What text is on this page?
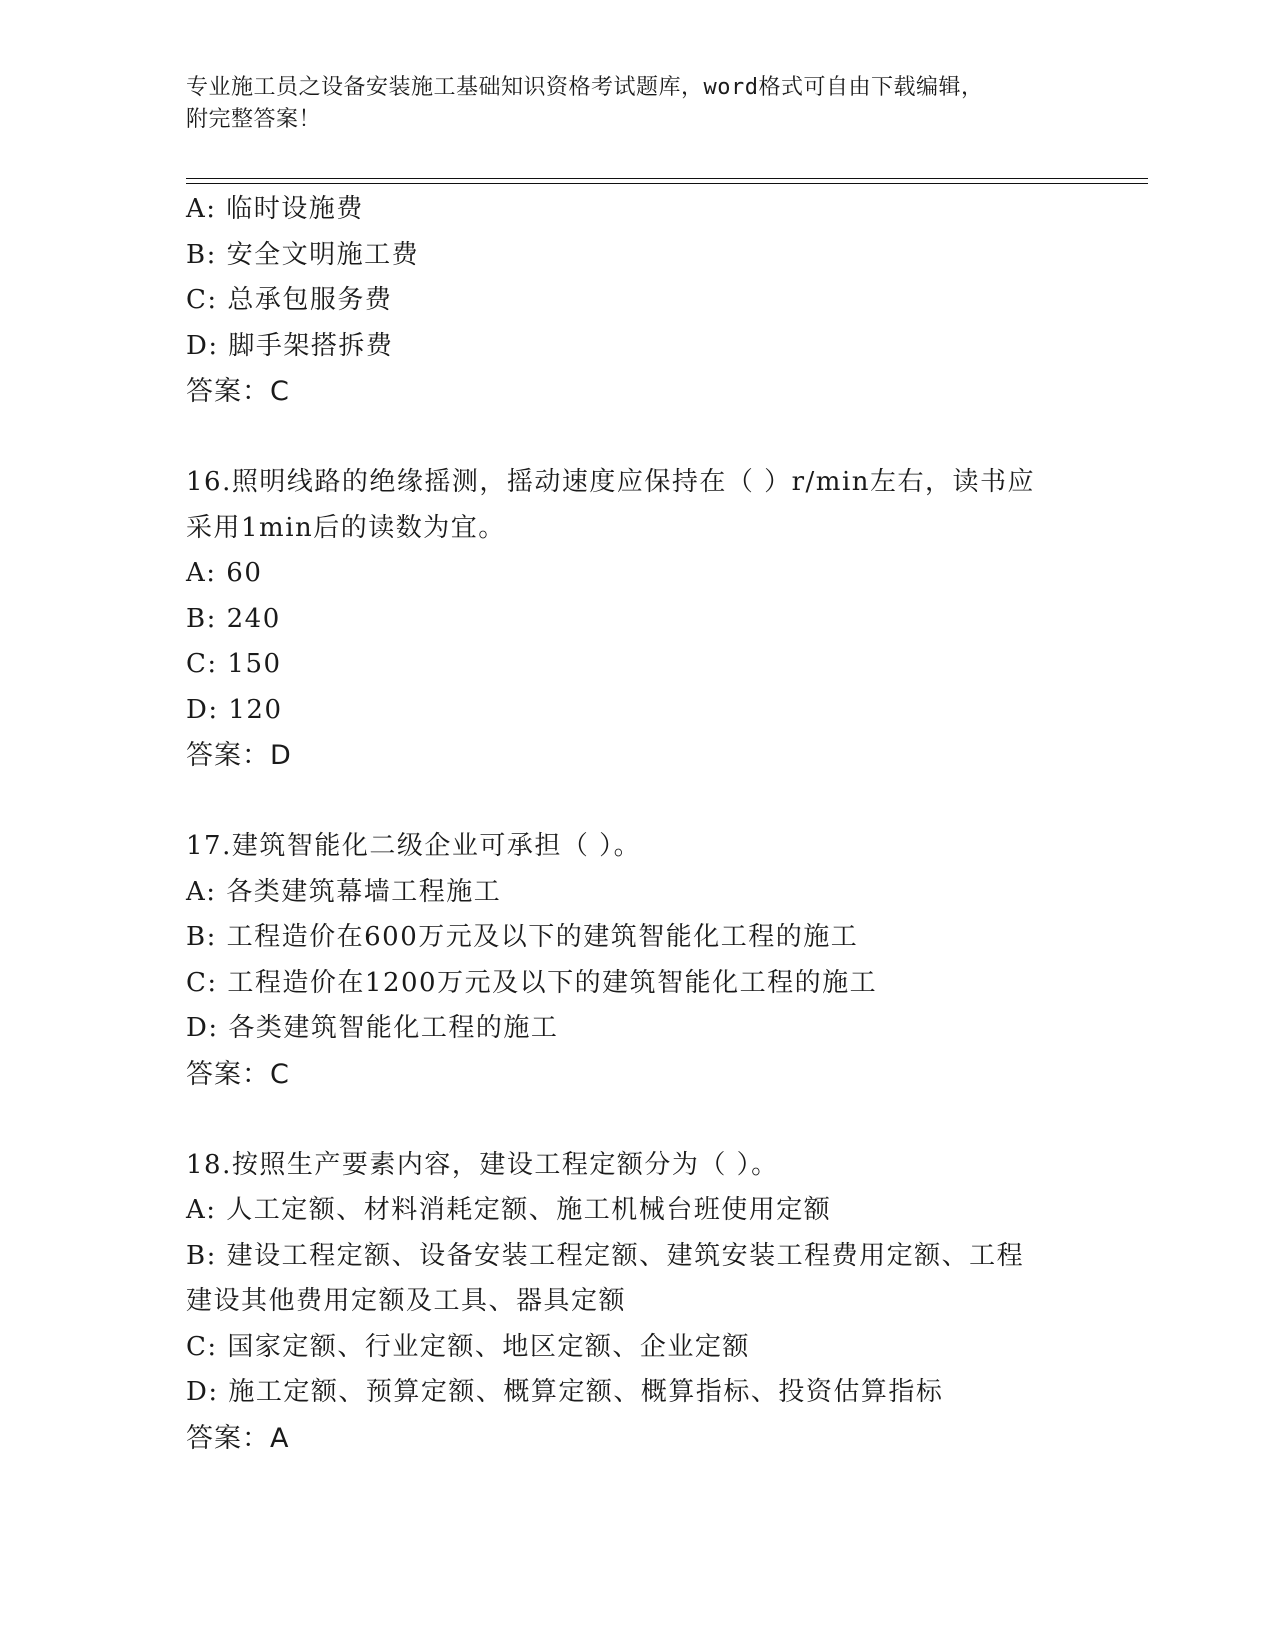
专业施工员之设备安装施工基础知识资格考试题库，word格式可自由下载编辑，
附完整答案！
A: 临时设施费
B: 安全文明施工费
C: 总承包服务费
D: 脚手架搭拆费
答案：C
16.照明线路的绝缘摇测，摇动速度应保持在（ ）r/min左右，读书应
采用1min后的读数为宜。
A: 60
B: 240
C: 150
D: 120
答案：D
17.建筑智能化二级企业可承担（ ）。
A: 各类建筑幕墙工程施工
B: 工程造价在600万元及以下的建筑智能化工程的施工
C: 工程造价在1200万元及以下的建筑智能化工程的施工
D: 各类建筑智能化工程的施工
答案：C
18.按照生产要素内容，建设工程定额分为（ ）。
A: 人工定额、材料消耗定额、施工机械台班使用定额
B: 建设工程定额、设备安装工程定额、建筑安装工程费用定额、工程
建设其他费用定额及工具、器具定额
C: 国家定额、行业定额、地区定额、企业定额
D: 施工定额、预算定额、概算定额、概算指标、投资估算指标
答案：A
